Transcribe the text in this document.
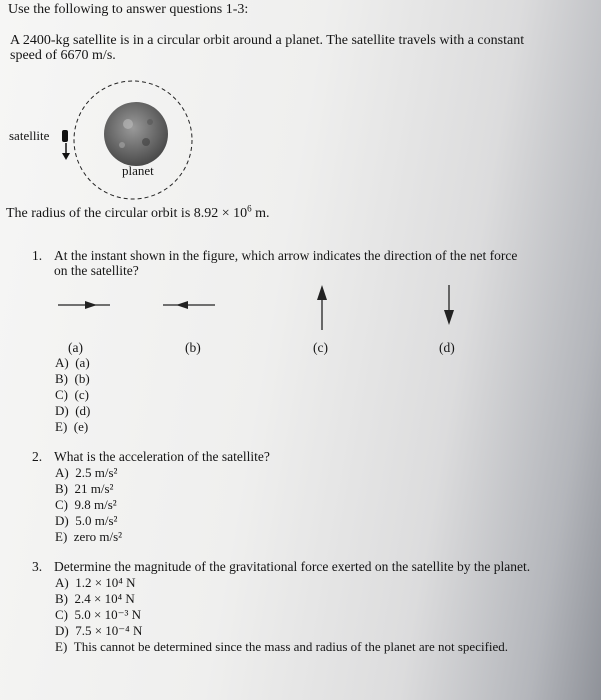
Use the following to answer questions 1-3:
A 2400-kg satellite is in a circular orbit around a planet. The satellite travels with a constant
speed of 6670 m/s.
satellite
planet
The radius of the circular orbit is $8.92 \times 10^6$ m.
1. At the instant shown in the figure, which arrow indicates the direction of the net force
on the satellite?
(a)	(b)	(c)	(d)
A) (a)
B) (b)
C) (c)
D) (d)
E) (e)
2. What is the acceleration of the satellite?
A) 2.5 m/s²
B) 21 m/s²
C) 9.8 m/s²
D) 5.0 m/s²
E) zero m/s²
3. Determine the magnitude of the gravitational force exerted on the satellite by the planet.
A) 1.2 × 10⁴ N
B) 2.4 × 10⁴ N
C) 5.0 × 10⁻³ N
D) 7.5 × 10⁻⁴ N
E) This cannot be determined since the mass and radius of the planet are not specified.
